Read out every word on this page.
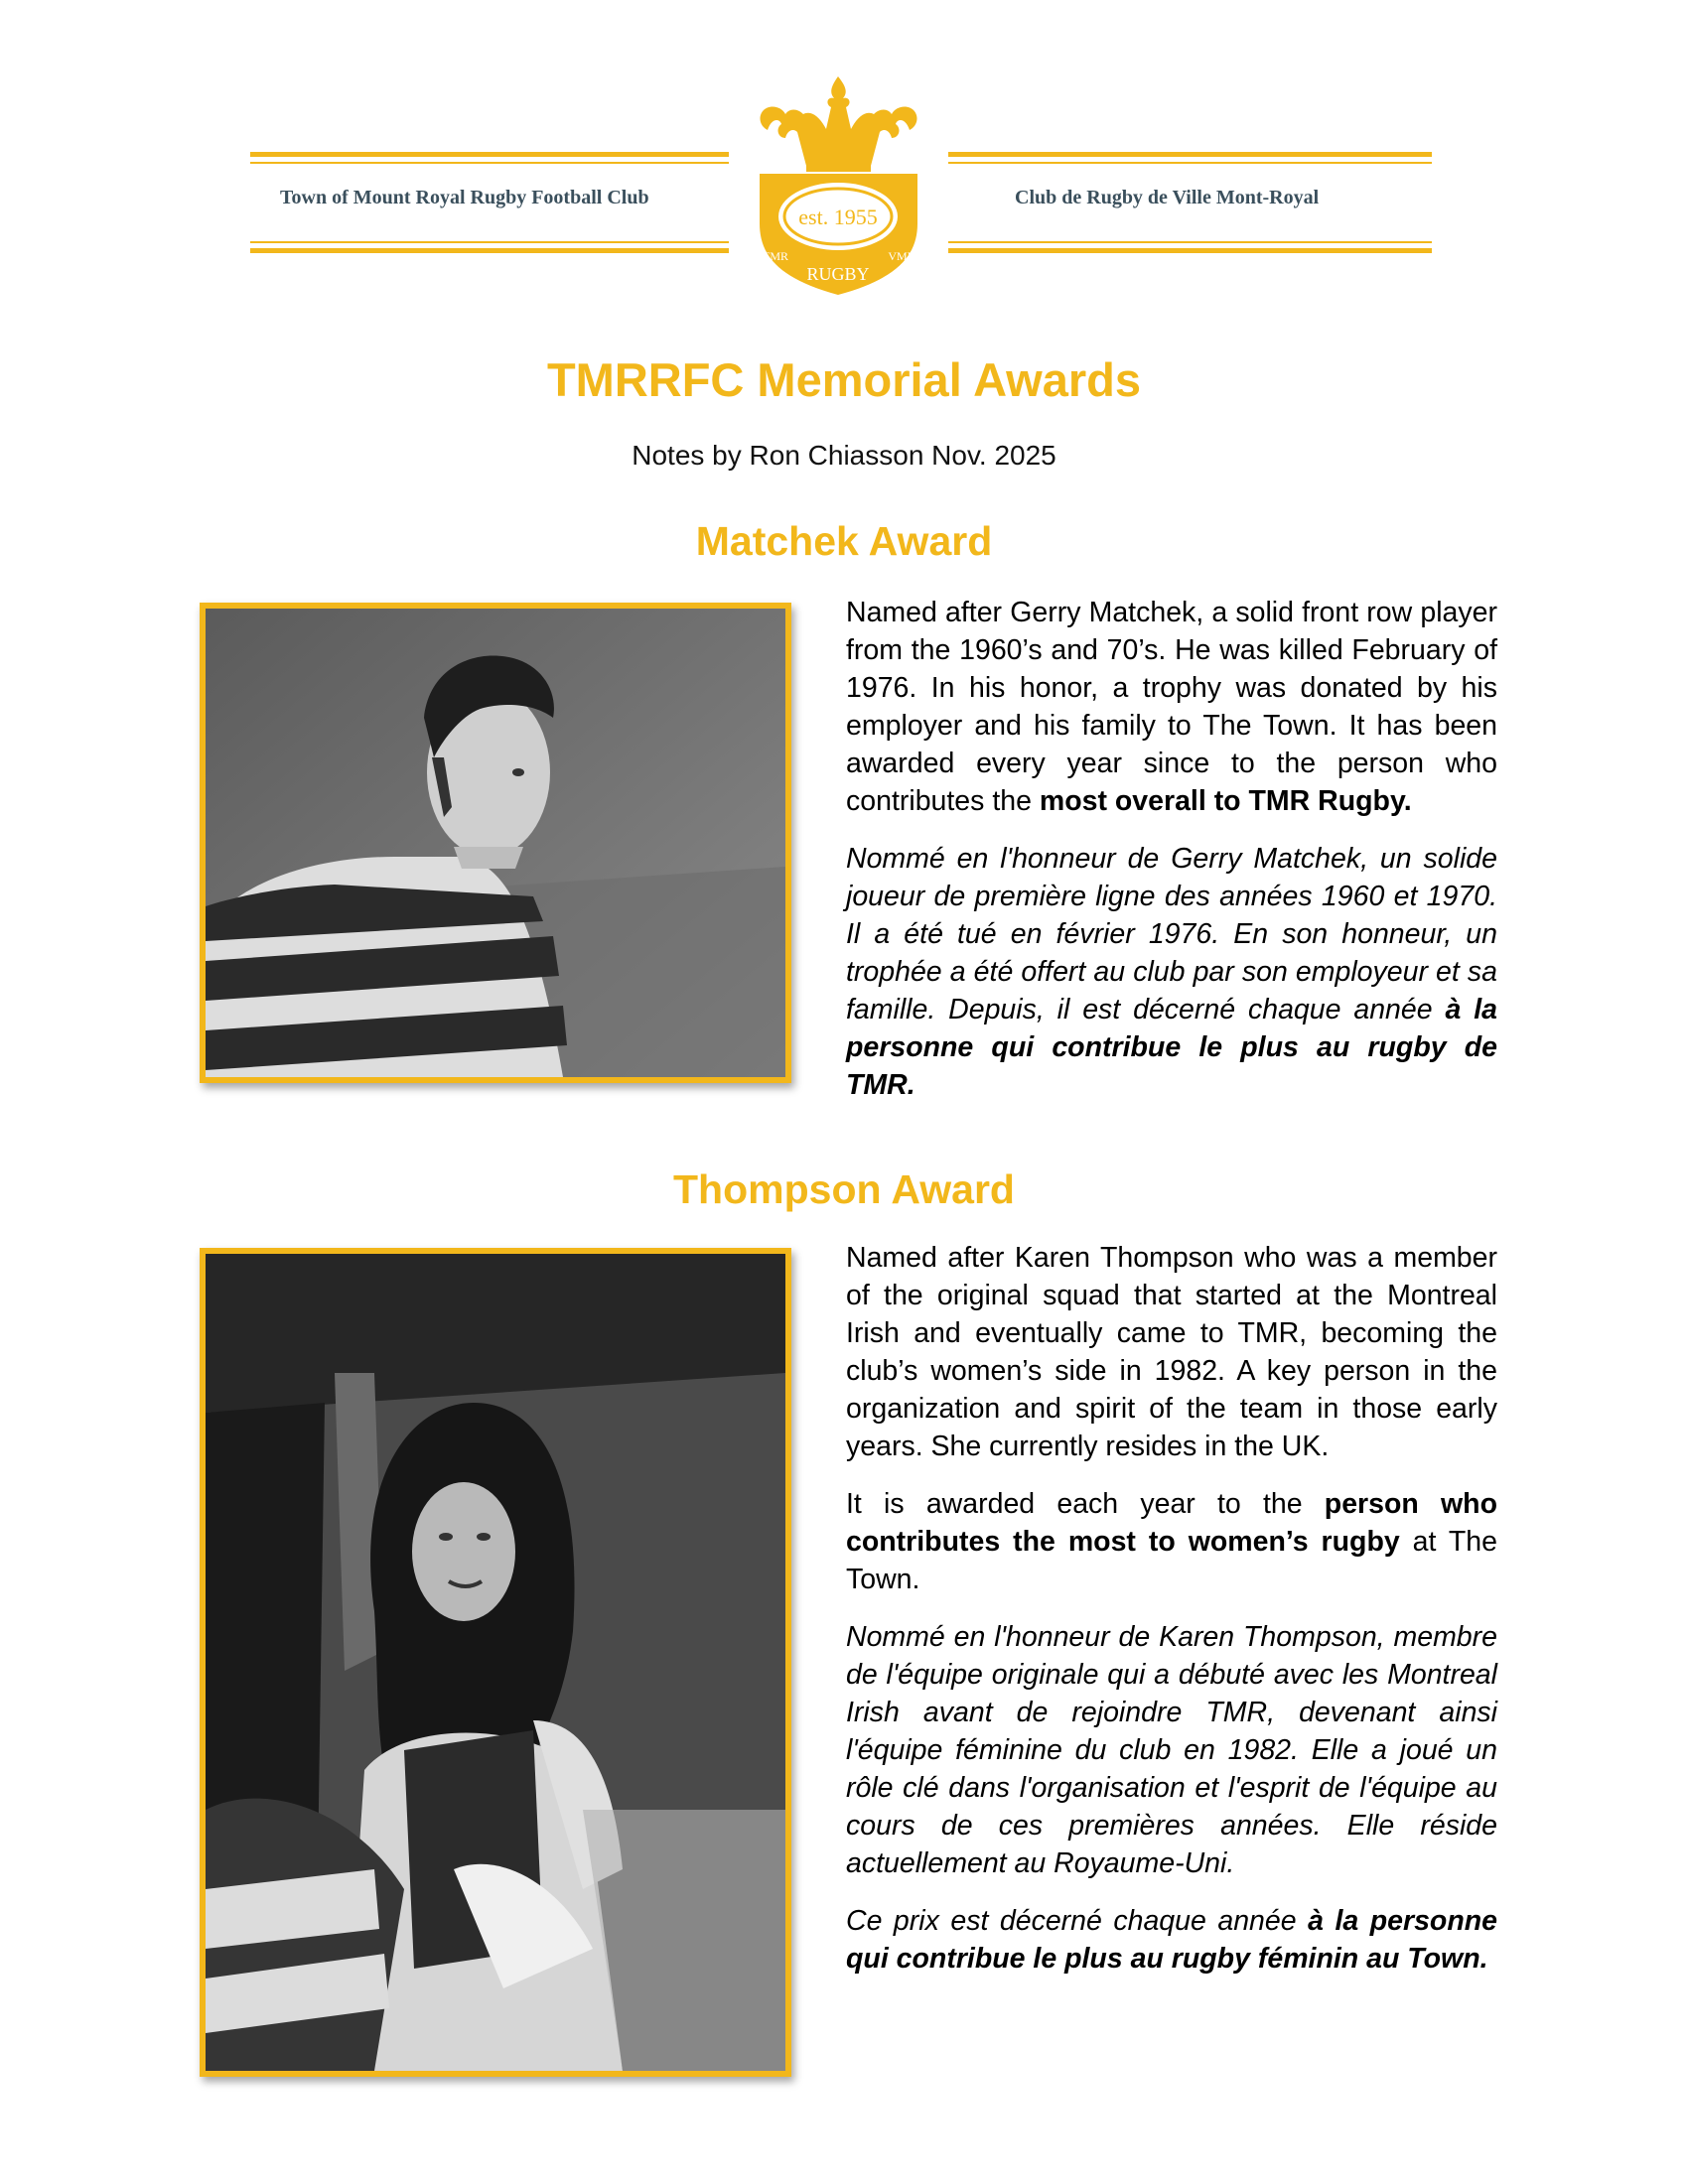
Town of Mount Royal Rugby Football Club	Club de Rugby de Ville Mont-Royal
est. 1955
TMR	VMR
RUGBY
TMRRFC Memorial Awards
Notes by Ron Chiasson Nov. 2025
Matchek Award

Named after Gerry Matchek, a solid front row player from the 1960’s and 70’s. He was killed February of 1976. In his honor, a trophy was donated by his employer and his family to The Town. It has been awarded every year since to the person who contributes the most overall to TMR Rugby.

Nommé en l'honneur de Gerry Matchek, un solide joueur de première ligne des années 1960 et 1970. Il a été tué en février 1976. En son honneur, un trophée a été offert au club par son employeur et sa famille. Depuis, il est décerné chaque année à la personne qui contribue le plus au rugby de TMR.

Thompson Award

Named after Karen Thompson who was a member of the original squad that started at the Montreal Irish and eventually came to TMR, becoming the club’s women’s side in 1982. A key person in the organization and spirit of the team in those early years. She currently resides in the UK.

It is awarded each year to the person who contributes the most to women’s rugby at The Town.

Nommé en l'honneur de Karen Thompson, membre de l'équipe originale qui a débuté avec les Montreal Irish avant de rejoindre TMR, devenant ainsi l'équipe féminine du club en 1982. Elle a joué un rôle clé dans l'organisation et l'esprit de l'équipe au cours de ces premières années. Elle réside actuellement au Royaume-Uni.

Ce prix est décerné chaque année à la personne qui contribue le plus au rugby féminin au Town.
